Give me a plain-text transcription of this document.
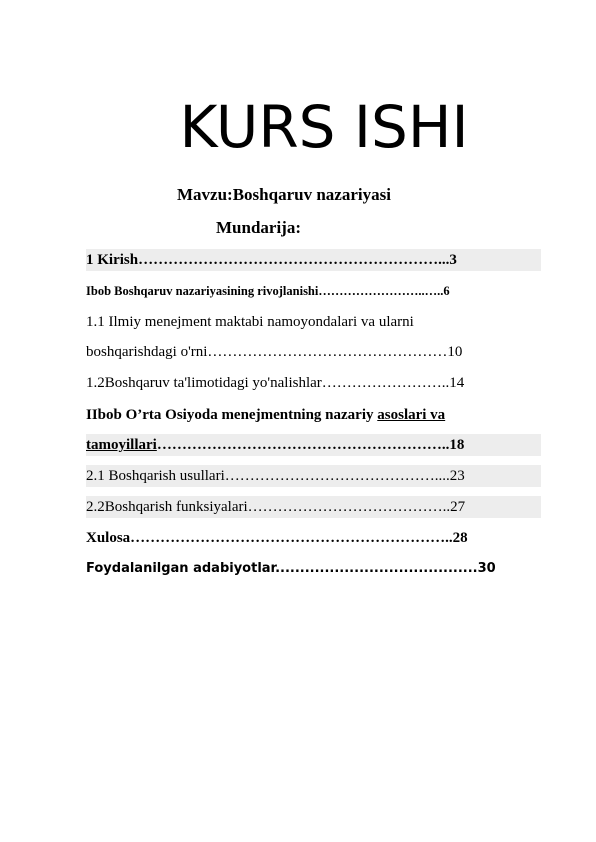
KURS ISHI
Mavzu:Boshqaruv nazariyasi
Mundarija:
1 Kirish……………………………………………………...3
Ibob Boshqaruv nazariyasining rivojlanishi……………………..…..6
1.1 Ilmiy menejment maktabi namoyondalari va ularni
boshqarishdagi o'rni…………………………………………10
1.2Boshqaruv ta'limotidagi yo'nalishlar……………………..14
IIbob O’rta Osiyoda menejmentning nazariy asoslari va
tamoyillari…………………………………………………..18
2.1 Boshqarish usullari……………………………………....23
2.2Boshqarish funksiyalari…………………………………..27
Xulosa………………………………………………………..28
Foydalanilgan adabiyotlar.........................................30
